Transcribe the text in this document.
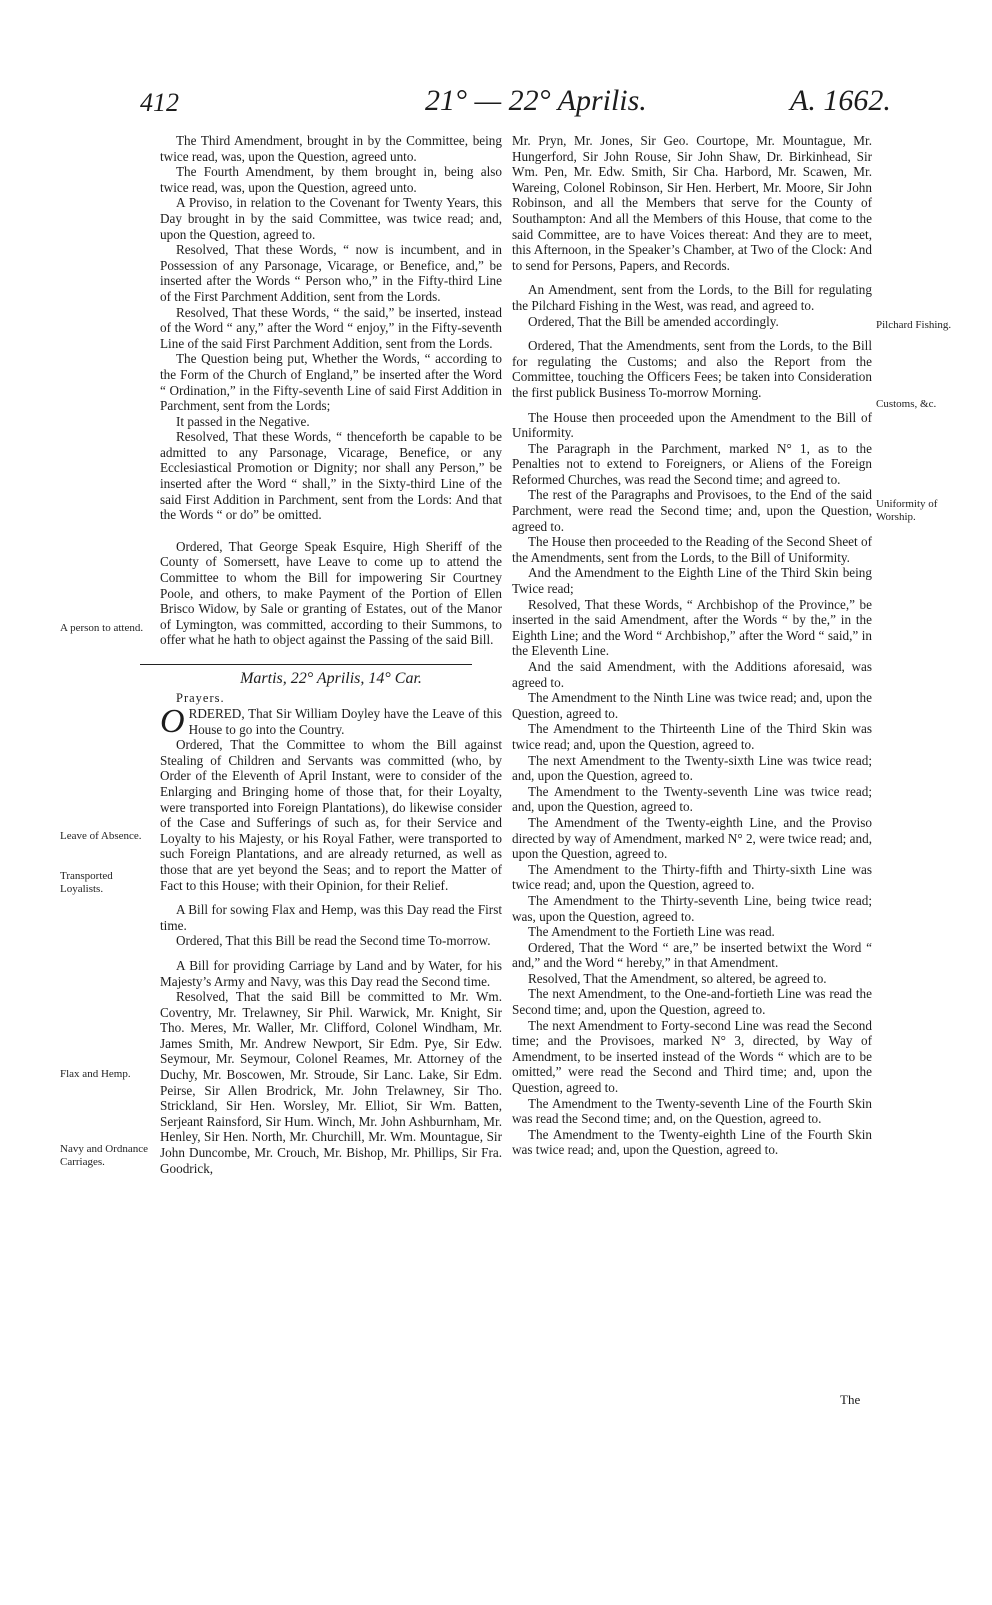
412	21° — 22° Aprilis.	A. 1662.
A person to attend.
Leave of Absence.
Transported Loyalists.
Flax and Hemp.
Navy and Ordnance Carriages.
Pilchard Fishing.
Customs, &c.
Uniformity of Worship.

The Third Amendment, brought in by the Committee, being twice read, was, upon the Question, agreed unto.

The Fourth Amendment, by them brought in, being also twice read, was, upon the Question, agreed unto.

A Proviso, in relation to the Covenant for Twenty Years, this Day brought in by the said Committee, was twice read; and, upon the Question, agreed to.

Resolved, That these Words, “ now is incumbent, and in Possession of any Parsonage, Vicarage, or Benefice, and,” be inserted after the Words “ Person who,” in the Fifty-third Line of the First Parchment Addition, sent from the Lords.

Resolved, That these Words, “ the said,” be inserted, instead of the Word “ any,” after the Word “ enjoy,” in the Fifty-seventh Line of the said First Parchment Addition, sent from the Lords.

The Question being put, Whether the Words, “ according to the Form of the Church of England,” be inserted after the Word “ Ordination,” in the Fifty-seventh Line of said First Addition in Parchment, sent from the Lords;

It passed in the Negative.

Resolved, That these Words, “ thenceforth be capable to be admitted to any Parsonage, Vicarage, Benefice, or any Ecclesiastical Promotion or Dignity; nor shall any Person,” be inserted after the Word “ shall,” in the Sixty-third Line of the said First Addition in Parchment, sent from the Lords: And that the Words “ or do” be omitted.

Ordered, That George Speak Esquire, High Sheriff of the County of Somersett, have Leave to come up to attend the Committee to whom the Bill for impowering Sir Courtney Poole, and others, to make Payment of the Portion of Ellen Brisco Widow, by Sale or granting of Estates, out of the Manor of Lymington, was committed, according to their Summons, to offer what he hath to object against the Passing of the said Bill.

Martis, 22° Aprilis, 14° Car.

Prayers.

ORDERED, That Sir William Doyley have the Leave of this House to go into the Country.

Ordered, That the Committee to whom the Bill against Stealing of Children and Servants was committed (who, by Order of the Eleventh of April Instant, were to consider of the Enlarging and Bringing home of those that, for their Loyalty, were transported into Foreign Plantations), do likewise consider of the Case and Sufferings of such as, for their Service and Loyalty to his Majesty, or his Royal Father, were transported to such Foreign Plantations, and are already returned, as well as those that are yet beyond the Seas; and to report the Matter of Fact to this House; with their Opinion, for their Relief.

A Bill for sowing Flax and Hemp, was this Day read the First time.

Ordered, That this Bill be read the Second time To-morrow.

A Bill for providing Carriage by Land and by Water, for his Majesty’s Army and Navy, was this Day read the Second time.

Resolved, That the said Bill be committed to Mr. Wm. Coventry, Mr. Trelawney, Sir Phil. Warwick, Mr. Knight, Sir Tho. Meres, Mr. Waller, Mr. Clifford, Colonel Windham, Mr. James Smith, Mr. Andrew Newport, Sir Edm. Pye, Sir Edw. Seymour, Mr. Seymour, Colonel Reames, Mr. Attorney of the Duchy, Mr. Boscowen, Mr. Stroude, Sir Lanc. Lake, Sir Edm. Peirse, Sir Allen Brodrick, Mr. John Trelawney, Sir Tho. Strickland, Sir Hen. Worsley, Mr. Elliot, Sir Wm. Batten, Serjeant Rainsford, Sir Hum. Winch, Mr. John Ashburnham, Mr. Henley, Sir Hen. North, Mr. Churchill, Mr. Wm. Mountague, Sir John Duncombe, Mr. Crouch, Mr. Bishop, Mr. Phillips, Sir Fra. Goodrick,

Mr. Pryn, Mr. Jones, Sir Geo. Courtope, Mr. Mountague, Mr. Hungerford, Sir John Rouse, Sir John Shaw, Dr. Birkinhead, Sir Wm. Pen, Mr. Edw. Smith, Sir Cha. Harbord, Mr. Scawen, Mr. Wareing, Colonel Robinson, Sir Hen. Herbert, Mr. Moore, Sir John Robinson, and all the Members that serve for the County of Southampton: And all the Members of this House, that come to the said Committee, are to have Voices thereat: And they are to meet, this Afternoon, in the Speaker’s Chamber, at Two of the Clock: And to send for Persons, Papers, and Records.

An Amendment, sent from the Lords, to the Bill for regulating the Pilchard Fishing in the West, was read, and agreed to.

Ordered, That the Bill be amended accordingly.

Ordered, That the Amendments, sent from the Lords, to the Bill for regulating the Customs; and also the Report from the Committee, touching the Officers Fees; be taken into Consideration the first publick Business To-morrow Morning.

The House then proceeded upon the Amendment to the Bill of Uniformity.

The Paragraph in the Parchment, marked N° 1, as to the Penalties not to extend to Foreigners, or Aliens of the Foreign Reformed Churches, was read the Second time; and agreed to.

The rest of the Paragraphs and Provisoes, to the End of the said Parchment, were read the Second time; and, upon the Question, agreed to.

The House then proceeded to the Reading of the Second Sheet of the Amendments, sent from the Lords, to the Bill of Uniformity.

And the Amendment to the Eighth Line of the Third Skin being Twice read;

Resolved, That these Words, “ Archbishop of the Province,” be inserted in the said Amendment, after the Words “ by the,” in the Eighth Line; and the Word “ Archbishop,” after the Word “ said,” in the Eleventh Line.

And the said Amendment, with the Additions aforesaid, was agreed to.

The Amendment to the Ninth Line was twice read; and, upon the Question, agreed to.

The Amendment to the Thirteenth Line of the Third Skin was twice read; and, upon the Question, agreed to.

The next Amendment to the Twenty-sixth Line was twice read; and, upon the Question, agreed to.

The Amendment to the Twenty-seventh Line was twice read; and, upon the Question, agreed to.

The Amendment of the Twenty-eighth Line, and the Proviso directed by way of Amendment, marked N° 2, were twice read; and, upon the Question, agreed to.

The Amendment to the Thirty-fifth and Thirty-sixth Line was twice read; and, upon the Question, agreed to.

The Amendment to the Thirty-seventh Line, being twice read; was, upon the Question, agreed to.

The Amendment to the Fortieth Line was read.

Ordered, That the Word “ are,” be inserted betwixt the Word “ and,” and the Word “ hereby,” in that Amendment.

Resolved, That the Amendment, so altered, be agreed to.

The next Amendment, to the One-and-fortieth Line was read the Second time; and, upon the Question, agreed to.

The next Amendment to Forty-second Line was read the Second time; and the Provisoes, marked N° 3, directed, by Way of Amendment, to be inserted instead of the Words “ which are to be omitted,” were read the Second and Third time; and, upon the Question, agreed to.

The Amendment to the Twenty-seventh Line of the Fourth Skin was read the Second time; and, on the Question, agreed to.

The Amendment to the Twenty-eighth Line of the Fourth Skin was twice read; and, upon the Question, agreed to.

The
